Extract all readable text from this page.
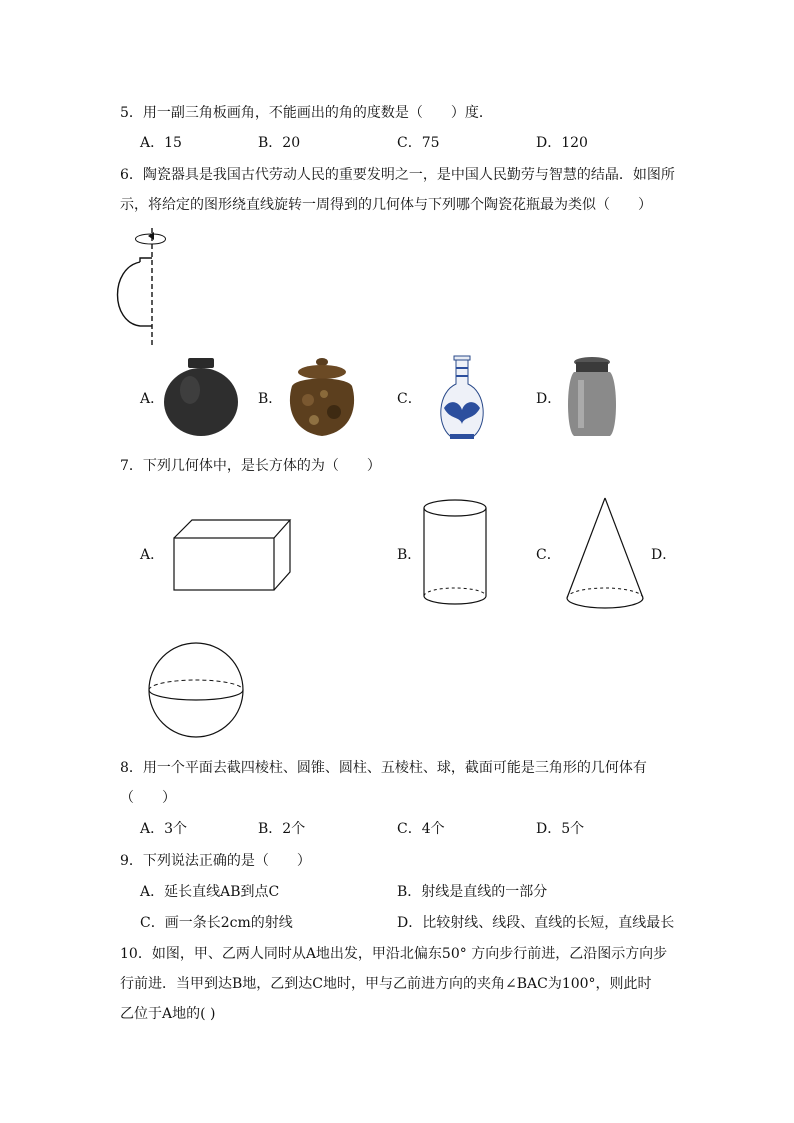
5．用一副三角板画角，不能画出的角的度数是（　　）度．
A．15	B．20	C．75	D．120
6．陶瓷器具是我国古代劳动人民的重要发明之一，是中国人民勤劳与智慧的结晶．如图所
示，将给定的图形绕直线旋转一周得到的几何体与下列哪个陶瓷花瓶最为类似（　　）
A．	B．	C．	D．
7．下列几何体中，是长方体的为（　　）
A．	B．	C．	D．
8．用一个平面去截四棱柱、圆锥、圆柱、五棱柱、球，截面可能是三角形的几何体有
（　　）
A．3个	B．2个	C．4个	D．5个
9．下列说法正确的是（　　）
A．延长直线AB到点C	B．射线是直线的一部分
C．画一条长2cm的射线	D．比较射线、线段、直线的长短，直线最长
10．如图，甲、乙两人同时从A地出发，甲沿北偏东50° 方向步行前进，乙沿图示方向步
行前进．当甲到达B地，乙到达C地时，甲与乙前进方向的夹角∠BAC为100°，则此时
乙位于A地的( )
